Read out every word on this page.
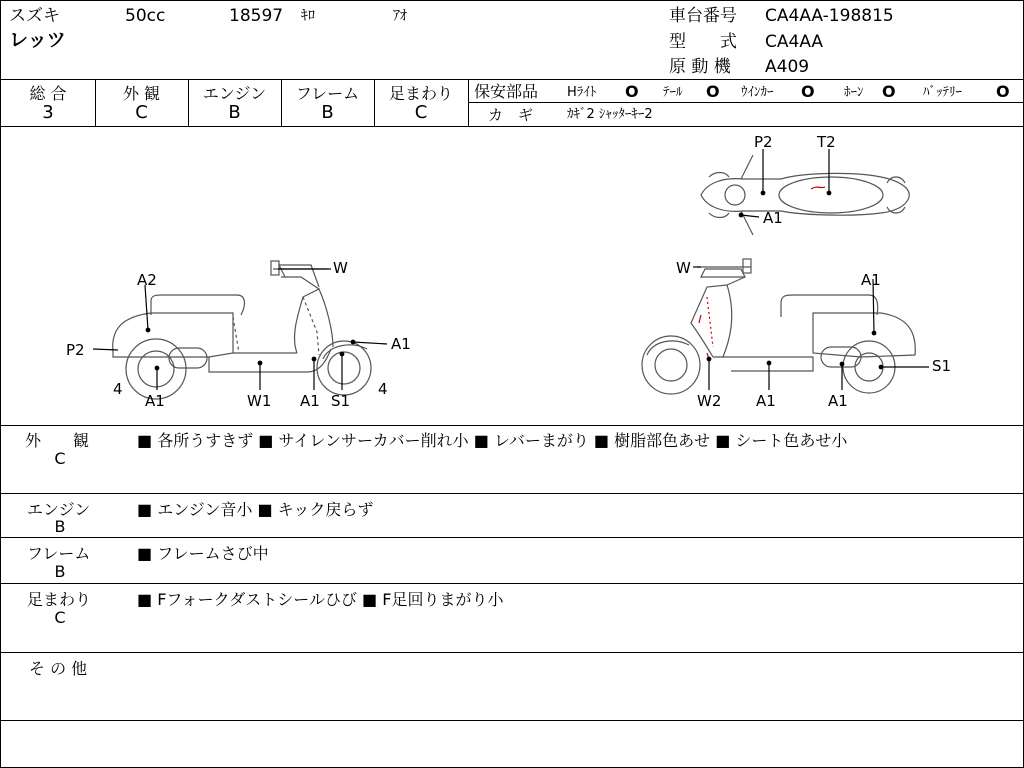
スズキ	50cc	18597 ｷﾛ	ｱｵ
レッツ
車台番号 CA4AA-198815
型　　式 CA4AA
原 動 機 A409
総 合
3
外 観
C
エンジン
B
フレーム
B
足まわり
C
保安部品 Hﾗｲﾄ O ﾃｰﾙ O ｳｲﾝｶｰ O ﾎｰﾝ O ﾊﾞｯﾃﾘｰ O
カ　ギ	ｶｷﾞ2 ｼｬｯﾀｰｷｰ2
A2
W
P2	A1
4
A1	W1 A1 S1
4
W
A1
S1
W2 A1	A1
P2	T2
A1
外　　観
C
■ 各所うすきず ■ サイレンサーカバー削れ小 ■ レバーまがり ■ 樹脂部色あせ ■ シート色あせ小
エンジン
B
■ エンジン音小 ■ キック戻らず
フレーム
B
■ フレームさび中
足まわり
C
■ Fフォークダストシールひび ■ F足回りまがり小
そ の 他
